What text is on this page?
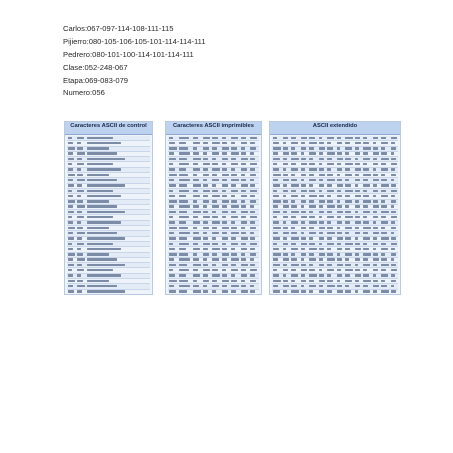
Carlos:067-097-114-108-111-115
Pijierro:080-105-106-105-101-114-114-111
Pedrero:080-101-100-114-101-114-111
Clase:052-248-067
Etapa:069-083-079
Numero:056
Caracteres ASCII de control	Caracteres ASCII imprimibles	ASCII extendido
